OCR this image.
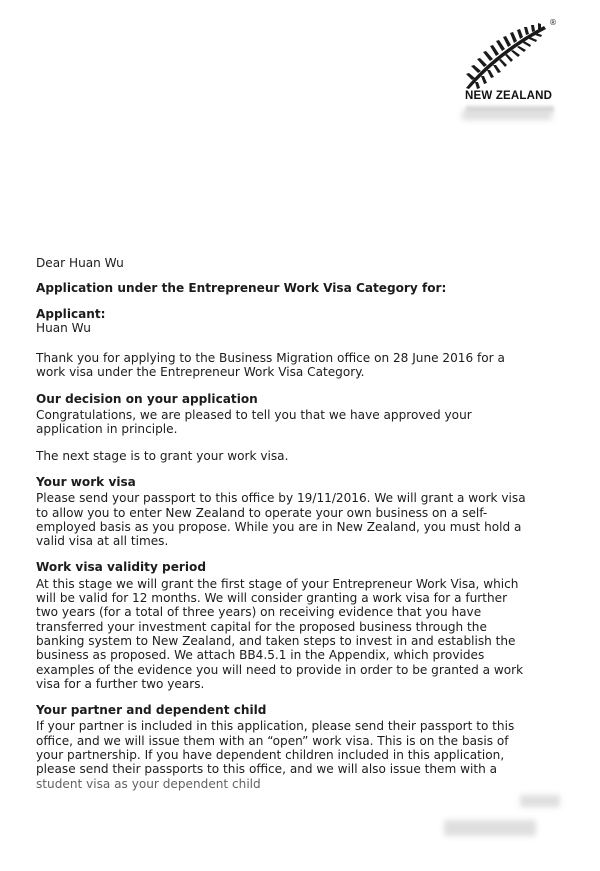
®
NEW ZEALAND

Dear Huan Wu

Application under the Entrepreneur Work Visa Category for:

Applicant:

Huan Wu

Thank you for applying to the Business Migration office on 28 June 2016 for a

work visa under the Entrepreneur Work Visa Category.

Our decision on your application

Congratulations, we are pleased to tell you that we have approved your

application in principle.

The next stage is to grant your work visa.

Your work visa

Please send your passport to this office by 19/11/2016. We will grant a work visa

to allow you to enter New Zealand to operate your own business on a self-

employed basis as you propose. While you are in New Zealand, you must hold a

valid visa at all times.

Work visa validity period

At this stage we will grant the first stage of your Entrepreneur Work Visa, which

will be valid for 12 months. We will consider granting a work visa for a further

two years (for a total of three years) on receiving evidence that you have

transferred your investment capital for the proposed business through the

banking system to New Zealand, and taken steps to invest in and establish the

business as proposed. We attach BB4.5.1 in the Appendix, which provides

examples of the evidence you will need to provide in order to be granted a work

visa for a further two years.

Your partner and dependent child

If your partner is included in this application, please send their passport to this

office, and we will issue them with an “open” work visa. This is on the basis of

your partnership. If you have dependent children included in this application,

please send their passports to this office, and we will also issue them with a

student visa as your dependent child
